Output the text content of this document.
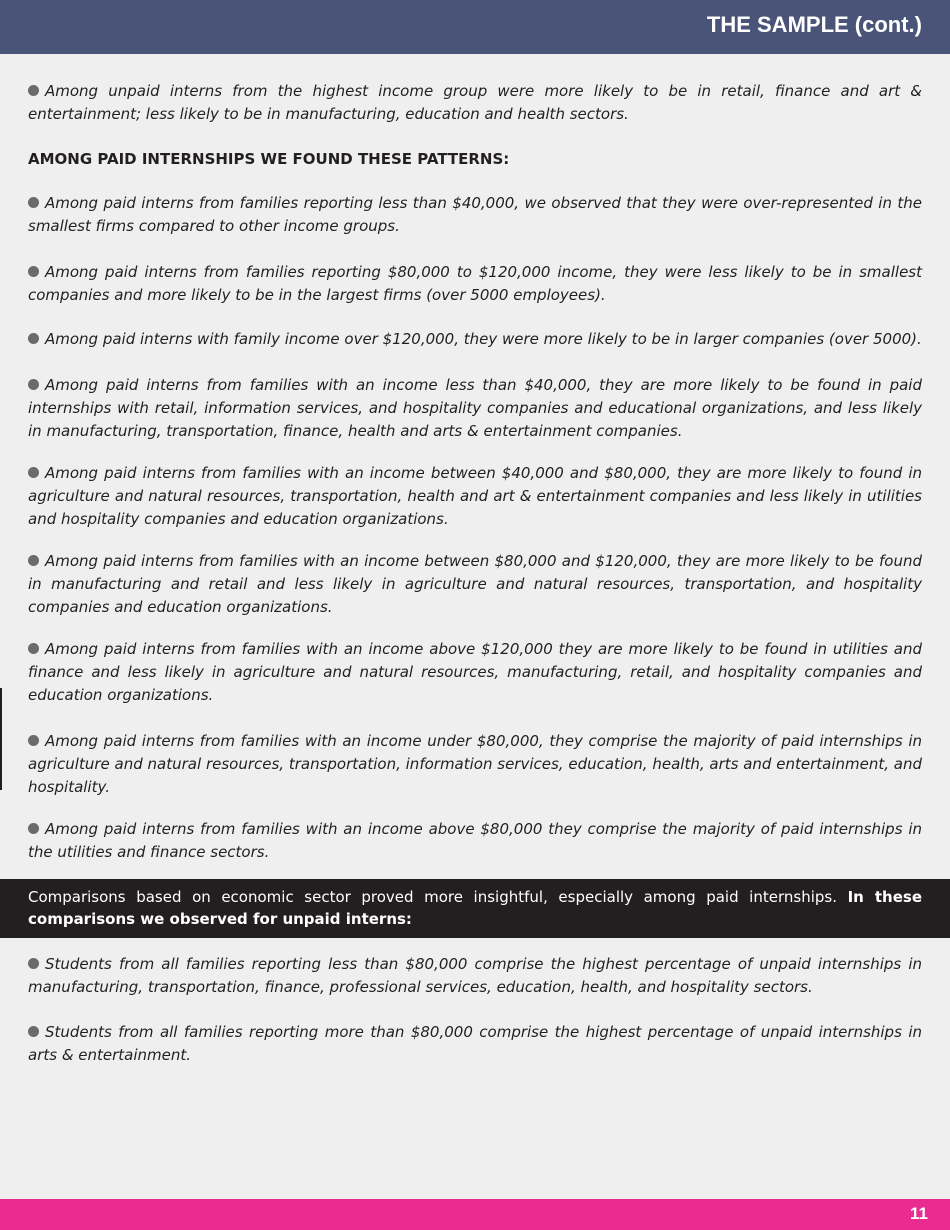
THE SAMPLE (cont.)

Among unpaid interns from the highest income group were more likely to be in retail, finance and art & entertainment; less likely to be in manufacturing, education and health sectors.

AMONG PAID INTERNSHIPS WE FOUND THESE PATTERNS:

Among paid interns from families reporting less than $40,000, we observed that they were over-represented in the smallest firms compared to other income groups.

Among paid interns from families reporting $80,000 to $120,000 income, they were less likely to be in smallest companies and more likely to be in the largest firms (over 5000 employees).

Among paid interns with family income over $120,000, they were more likely to be in larger companies (over 5000).

Among paid interns from families with an income less than $40,000, they are more likely to be found in paid internships with retail, information services, and hospitality companies and educational organizations, and less likely in manufacturing, transportation, finance, health and arts & entertainment companies.

Among paid interns from families with an income between $40,000 and $80,000, they are more likely to found in agriculture and natural resources, transportation, health and art & entertainment companies and less likely in utilities and hospitality companies and education organizations.

Among paid interns from families with an income between $80,000 and $120,000, they are more likely to be found in manufacturing and retail and less likely in agriculture and natural resources, transportation, and hospitality companies and education organizations.

Among paid interns from families with an income above $120,000 they are more likely to be found in utilities and finance and less likely in agriculture and natural resources, manufacturing, retail, and hospitality companies and education organizations.

Among paid interns from families with an income under $80,000, they comprise the majority of paid internships in agriculture and natural resources, transportation, information services, education, health, arts and entertainment, and hospitality.

Among paid interns from families with an income above $80,000 they comprise the majority of paid internships in the utilities and finance sectors.

Comparisons based on economic sector proved more insightful, especially among paid internships. In these comparisons we observed for unpaid interns:

Students from all families reporting less than $80,000 comprise the highest percentage of unpaid internships in manufacturing, transportation, finance, professional services, education, health, and hospitality sectors.

Students from all families reporting more than $80,000 comprise the highest percentage of unpaid internships in arts & entertainment.

11
